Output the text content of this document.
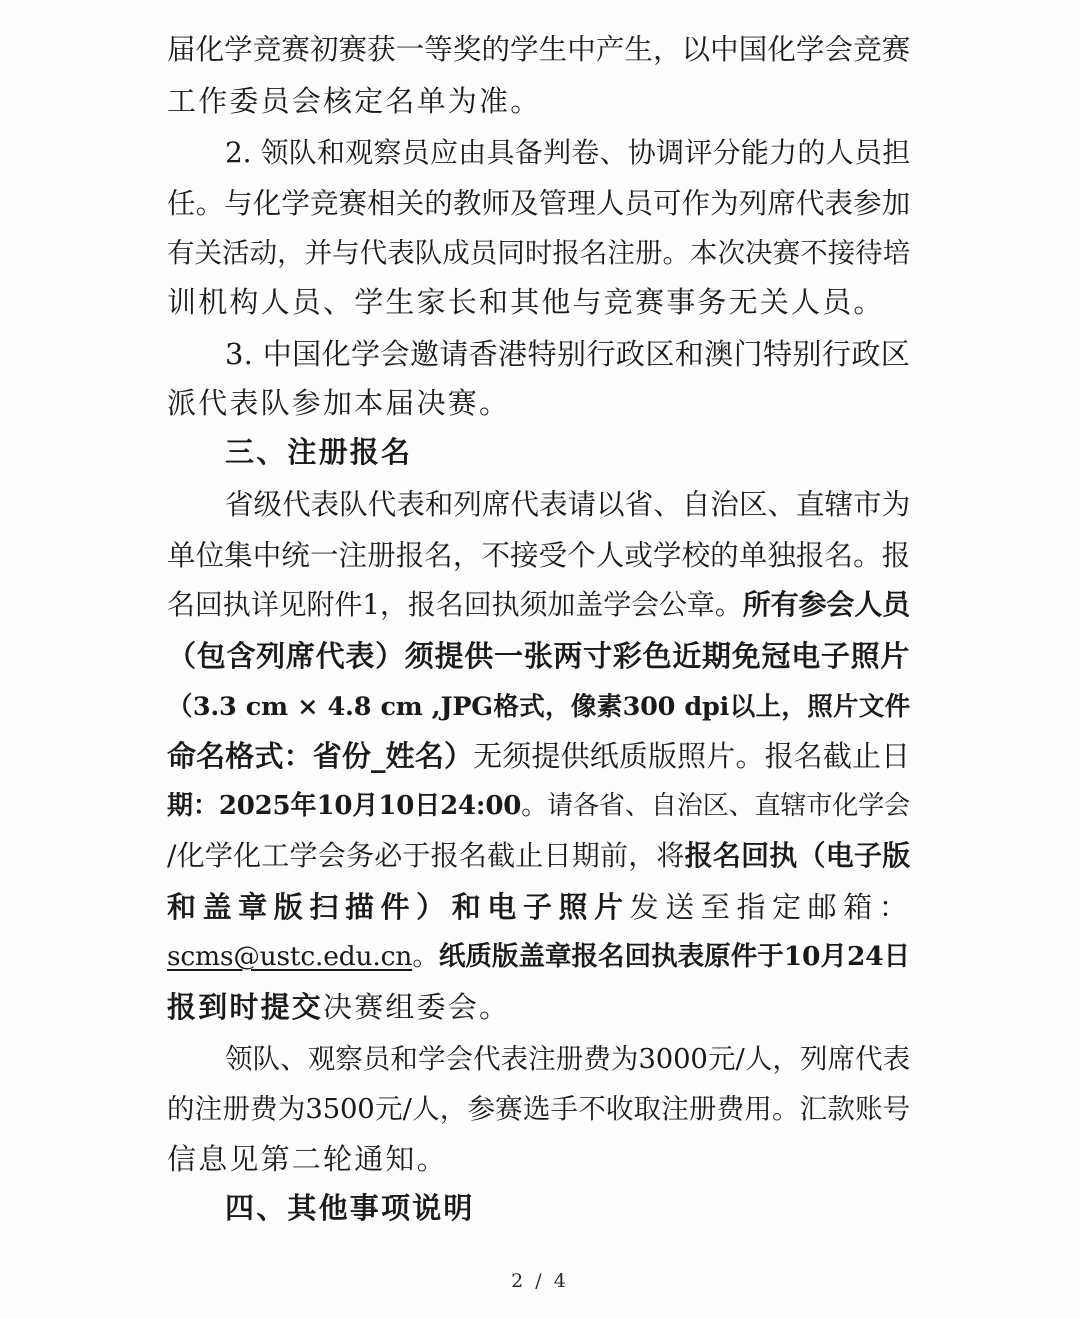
届化学竞赛初赛获一等奖的学生中产生，以中国化学会竞赛
工作委员会核定名单为准。
2. 领队和观察员应由具备判卷、协调评分能力的人员担
任。与化学竞赛相关的教师及管理人员可作为列席代表参加
有关活动，并与代表队成员同时报名注册。本次决赛不接待培
训机构人员、学生家长和其他与竞赛事务无关人员。
3. 中国化学会邀请香港特别行政区和澳门特别行政区
派代表队参加本届决赛。
三、注册报名
省级代表队代表和列席代表请以省、自治区、直辖市为
单位集中统一注册报名，不接受个人或学校的单独报名。报
名回执详见附件1，报名回执须加盖学会公章。所有参会人员
（包含列席代表）须提供一张两寸彩色近期免冠电子照片
（3.3 cm × 4.8 cm ,JPG格式，像素300 dpi以上，照片文件
命名格式：省份_姓名）无须提供纸质版照片。报名截止日
期：2025年10月10日24:00。请各省、自治区、直辖市化学会
/化学化工学会务必于报名截止日期前，将报名回执（电子版
和盖章版扫描件）和电子照片发送至指定邮箱：
scms@ustc.edu.cn。纸质版盖章报名回执表原件于10月24日
报到时提交决赛组委会。
领队、观察员和学会代表注册费为3000元/人，列席代表
的注册费为3500元/人，参赛选手不收取注册费用。汇款账号
信息见第二轮通知。
四、其他事项说明
2 / 4
